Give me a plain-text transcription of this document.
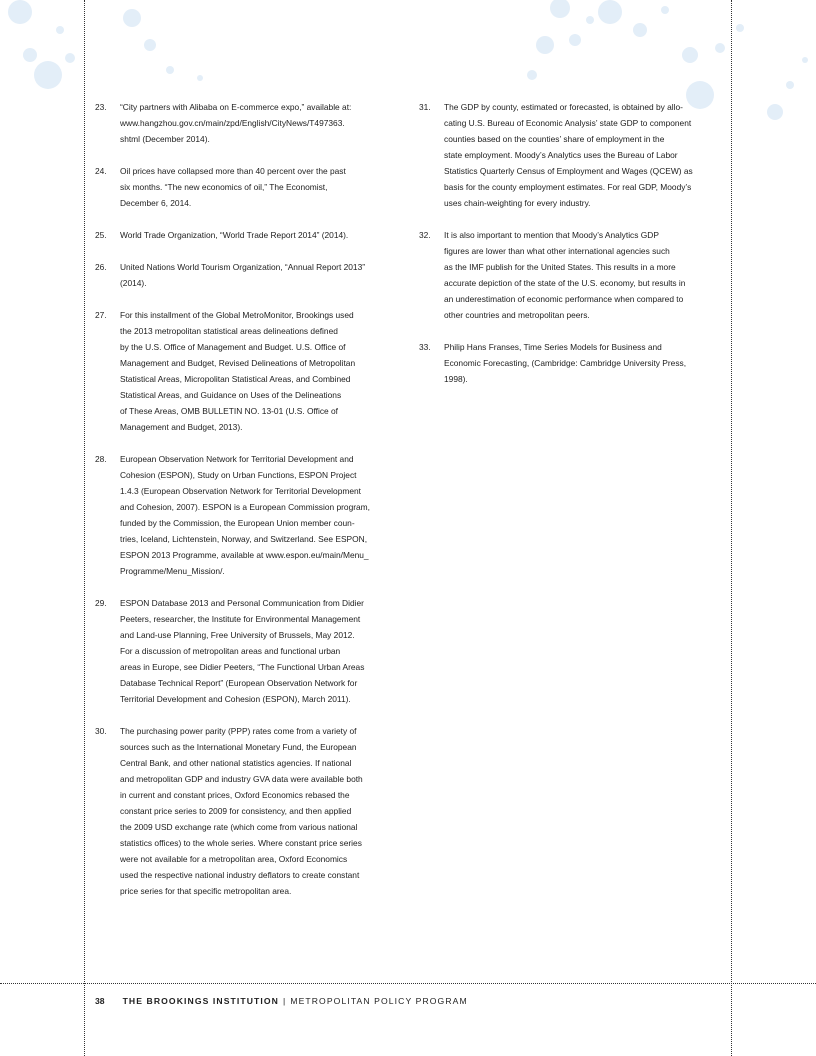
23. “City partners with Alibaba on E-commerce expo,” available at:
www.hangzhou.gov.cn/main/zpd/English/CityNews/T497363.
shtml (December 2014).
24. Oil prices have collapsed more than 40 percent over the past
six months. “The new economics of oil,” The Economist,
December 6, 2014.
25. World Trade Organization, “World Trade Report 2014” (2014).
26. United Nations World Tourism Organization, “Annual Report 2013”
(2014).
27. For this installment of the Global MetroMonitor, Brookings used
the 2013 metropolitan statistical areas delineations defined
by the U.S. Office of Management and Budget. U.S. Office of
Management and Budget, Revised Delineations of Metropolitan
Statistical Areas, Micropolitan Statistical Areas, and Combined
Statistical Areas, and Guidance on Uses of the Delineations
of These Areas, OMB BULLETIN NO. 13-01 (U.S. Office of
Management and Budget, 2013).
28. European Observation Network for Territorial Development and
Cohesion (ESPON), Study on Urban Functions, ESPON Project
1.4.3 (European Observation Network for Territorial Development
and Cohesion, 2007). ESPON is a European Commission program,
funded by the Commission, the European Union member coun-
tries, Iceland, Lichtenstein, Norway, and Switzerland. See ESPON,
ESPON 2013 Programme, available at www.espon.eu/main/Menu_
Programme/Menu_Mission/.
29. ESPON Database 2013 and Personal Communication from Didier
Peeters, researcher, the Institute for Environmental Management
and Land-use Planning, Free University of Brussels, May 2012.
For a discussion of metropolitan areas and functional urban
areas in Europe, see Didier Peeters, “The Functional Urban Areas
Database Technical Report” (European Observation Network for
Territorial Development and Cohesion (ESPON), March 2011).
30. The purchasing power parity (PPP) rates come from a variety of
sources such as the International Monetary Fund, the European
Central Bank, and other national statistics agencies. If national
and metropolitan GDP and industry GVA data were available both
in current and constant prices, Oxford Economics rebased the
constant price series to 2009 for consistency, and then applied
the 2009 USD exchange rate (which come from various national
statistics offices) to the whole series. Where constant price series
were not available for a metropolitan area, Oxford Economics
used the respective national industry deflators to create constant
price series for that specific metropolitan area.
31. The GDP by county, estimated or forecasted, is obtained by allo-
cating U.S. Bureau of Economic Analysis’ state GDP to component
counties based on the counties’ share of employment in the
state employment. Moody’s Analytics uses the Bureau of Labor
Statistics Quarterly Census of Employment and Wages (QCEW) as
basis for the county employment estimates. For real GDP, Moody’s
uses chain-weighting for every industry.
32. It is also important to mention that Moody’s Analytics GDP
figures are lower than what other international agencies such
as the IMF publish for the United States. This results in a more
accurate depiction of the state of the U.S. economy, but results in
an underestimation of economic performance when compared to
other countries and metropolitan peers.
33. Philip Hans Franses, Time Series Models for Business and
Economic Forecasting, (Cambridge: Cambridge University Press,
1998).
38 THE BROOKINGS INSTITUTION | METROPOLITAN POLICY PROGRAM
